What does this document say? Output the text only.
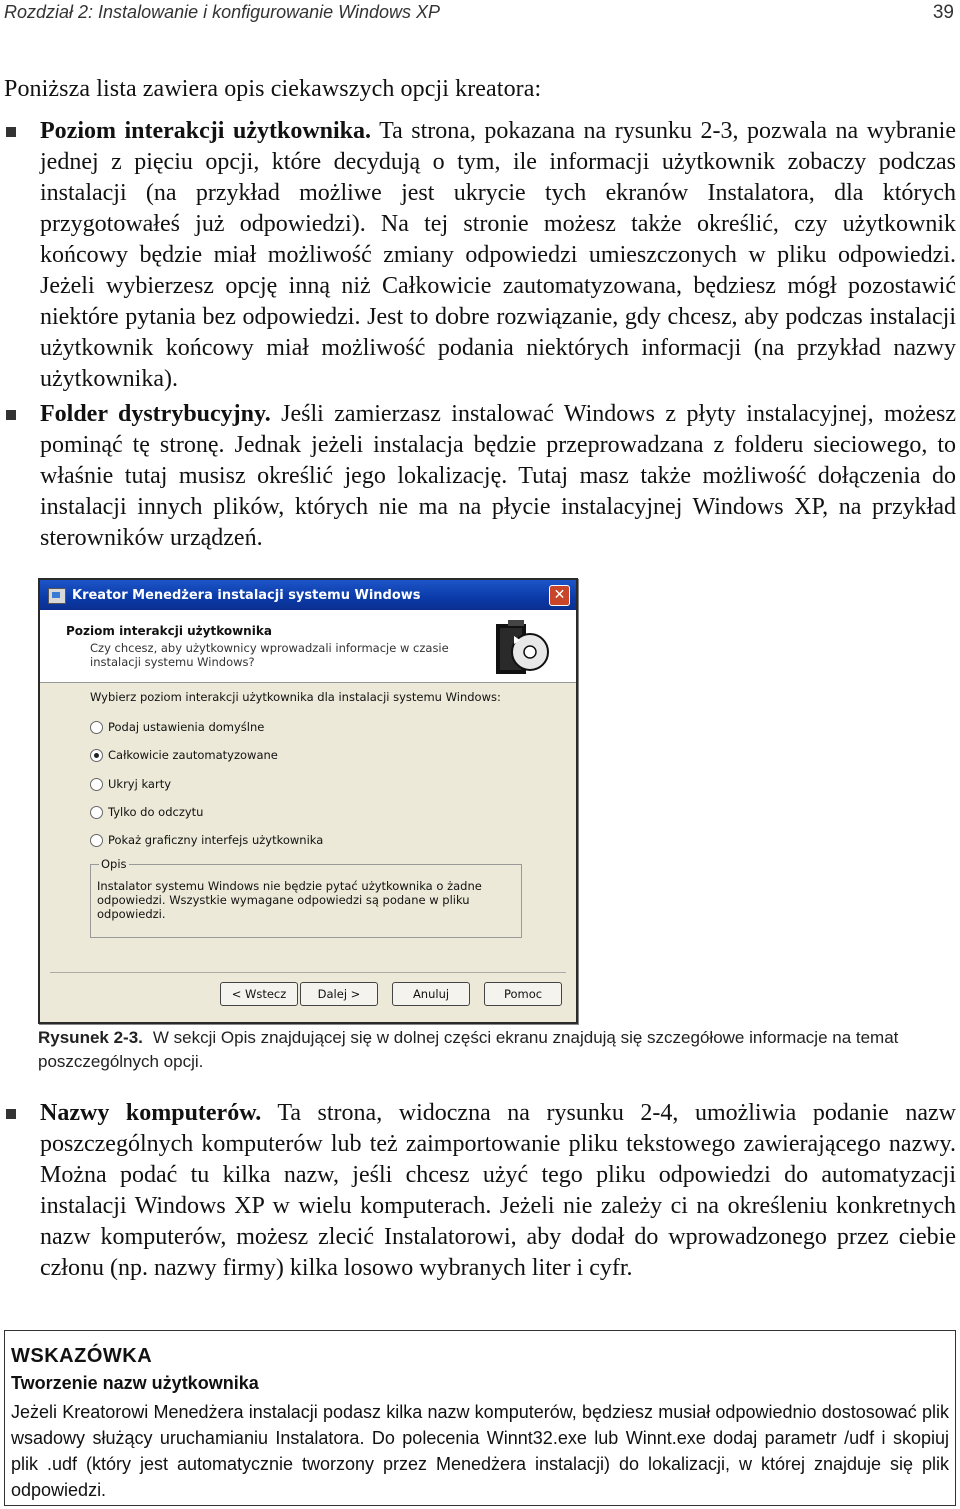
Rozdział 2: Instalowanie i konfigurowanie Windows XP	39
Poniższa lista zawiera opis ciekawszych opcji kreatora:
Poziom interakcji użytkownika. Ta strona, pokazana na rysunku 2-3, pozwala na wybranie jednej z pięciu opcji, które decydują o tym, ile informacji użytkownik zobaczy podczas instalacji (na przykład możliwe jest ukrycie tych ekranów Instalatora, dla których przygotowałeś już odpowiedzi). Na tej stronie możesz także określić, czy użytkownik końcowy będzie miał możliwość zmiany odpowiedzi umieszczonych w pliku odpowiedzi. Jeżeli wybierzesz opcję inną niż Całkowicie zautomatyzowana, będziesz mógł pozostawić niektóre pytania bez odpowiedzi. Jest to dobre rozwiązanie, gdy chcesz, aby podczas instalacji użytkownik końcowy miał możliwość podania niektórych informacji (na przykład nazwy użytkownika).
Folder dystrybucyjny. Jeśli zamierzasz instalować Windows z płyty instalacyjnej, możesz pominąć tę stronę. Jednak jeżeli instalacja będzie przeprowadzana z folderu sieciowego, to właśnie tutaj musisz określić jego lokalizację. Tutaj masz także możliwość dołączenia do instalacji innych plików, których nie ma na płycie instalacyjnej Windows XP, na przykład sterowników urządzeń.
Kreator Menedżera instalacji systemu Windows	✕
Poziom interakcji użytkownika
Czy chcesz, aby użytkownicy wprowadzali informacje w czasie instalacji systemu Windows?
Wybierz poziom interakcji użytkownika dla instalacji systemu Windows:
Podaj ustawienia domyślne
Całkowicie zautomatyzowane
Ukryj karty
Tylko do odczytu
Pokaż graficzny interfejs użytkownika
Opis
Instalator systemu Windows nie będzie pytać użytkownika o żadne odpowiedzi. Wszystkie wymagane odpowiedzi są podane w pliku odpowiedzi.
< Wstecz	Dalej >	Anuluj	Pomoc
Rysunek 2-3. W sekcji Opis znajdującej się w dolnej części ekranu znajdują się szczegółowe informacje na temat poszczególnych opcji.
Nazwy komputerów. Ta strona, widoczna na rysunku 2-4, umożliwia podanie nazw poszczególnych komputerów lub też zaimportowanie pliku tekstowego zawierającego nazwy. Można podać tu kilka nazw, jeśli chcesz użyć tego pliku odpowiedzi do automatyzacji instalacji Windows XP w wielu komputerach. Jeżeli nie zależy ci na określeniu konkretnych nazw komputerów, możesz zlecić Instalatorowi, aby dodał do wprowadzonego przez ciebie członu (np. nazwy firmy) kilka losowo wybranych liter i cyfr.
WSKAZÓWKA
Tworzenie nazw użytkownika
Jeżeli Kreatorowi Menedżera instalacji podasz kilka nazw komputerów, będziesz musiał odpowiednio dostosować plik wsadowy służący uruchamianiu Instalatora. Do polecenia Winnt32.exe lub Winnt.exe dodaj parametr /udf i skopiuj plik .udf (który jest automatycznie tworzony przez Menedżera instalacji) do lokalizacji, w której znajduje się plik odpowiedzi.
